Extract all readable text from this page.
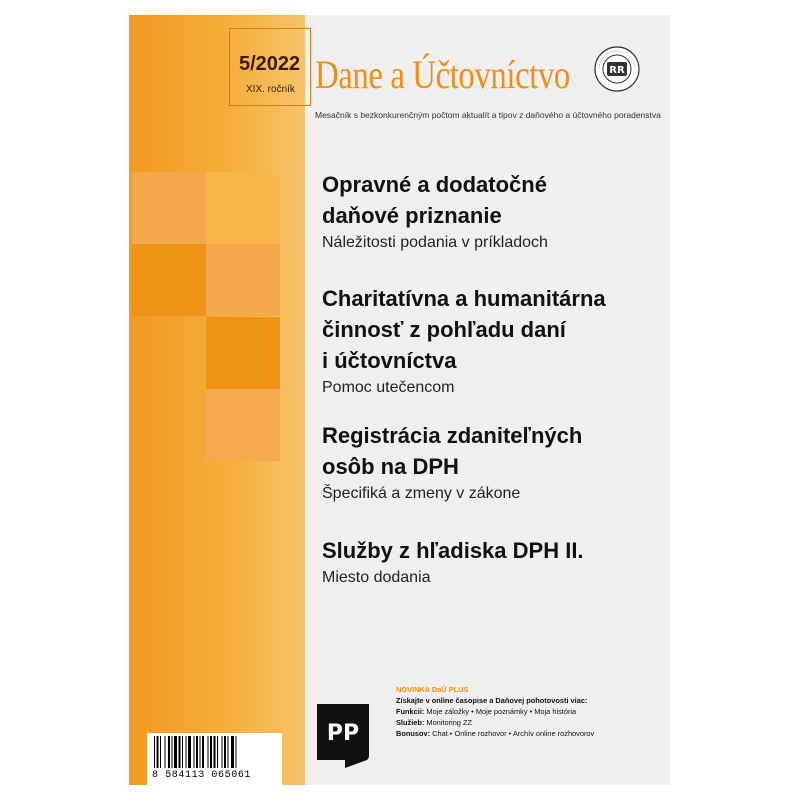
5/2022
XIX. ročník Dane a Účtovníctvo
Mesačník s bezkonkurenčným počtom aktualít a tipov z daňového a účtovného poradenstva
RR
Opravné a dodatočné
daňové priznanie

Náležitosti podania v príkladoch

Charitatívna a humanitárna
činnosť z pohľadu daní
i účtovníctva

Pomoc utečencom

Registrácia zdaniteľných
osôb na DPH

Špecifiká a zmeny v zákone

Služby z hľadiska DPH II.

Miesto dodania

PP
NOVINKA DaÚ PLUS
Získajte v online časopise a Daňovej pohotovosti viac:
Funkcii: Moje záložky • Moje poznámky • Moja história
Služieb: Monitoring ZZ
Bonusov: Chat • Online rozhovor • Archív online rozhovorov
8 584113 065061
